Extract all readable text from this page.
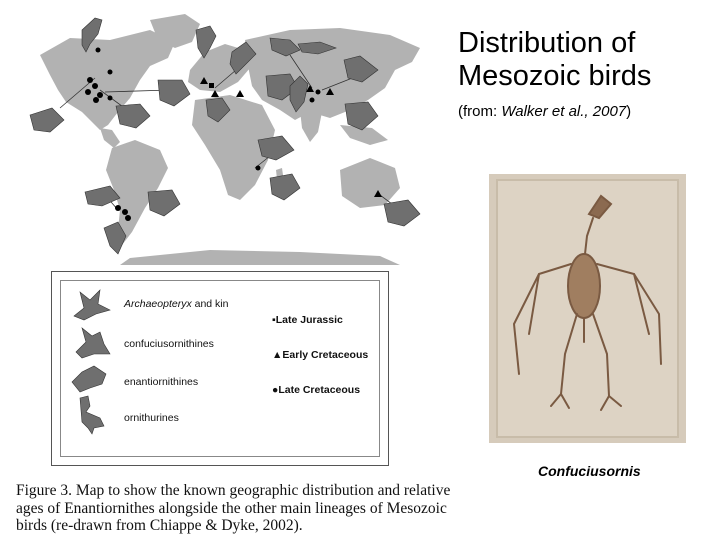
Distribution of
Mesozoic birds
(from: Walker et al., 2007)
Confuciusornis
Archaeopteryx and kin
confuciusornithines
enantiornithines
ornithurines
▪Late Jurassic
▲Early Cretaceous
●Late Cretaceous

Figure 3. Map to show the known geographic distribution and relative ages of Enantiornithes alongside the other main lineages of Mesozoic birds (re-drawn from Chiappe & Dyke, 2002).
